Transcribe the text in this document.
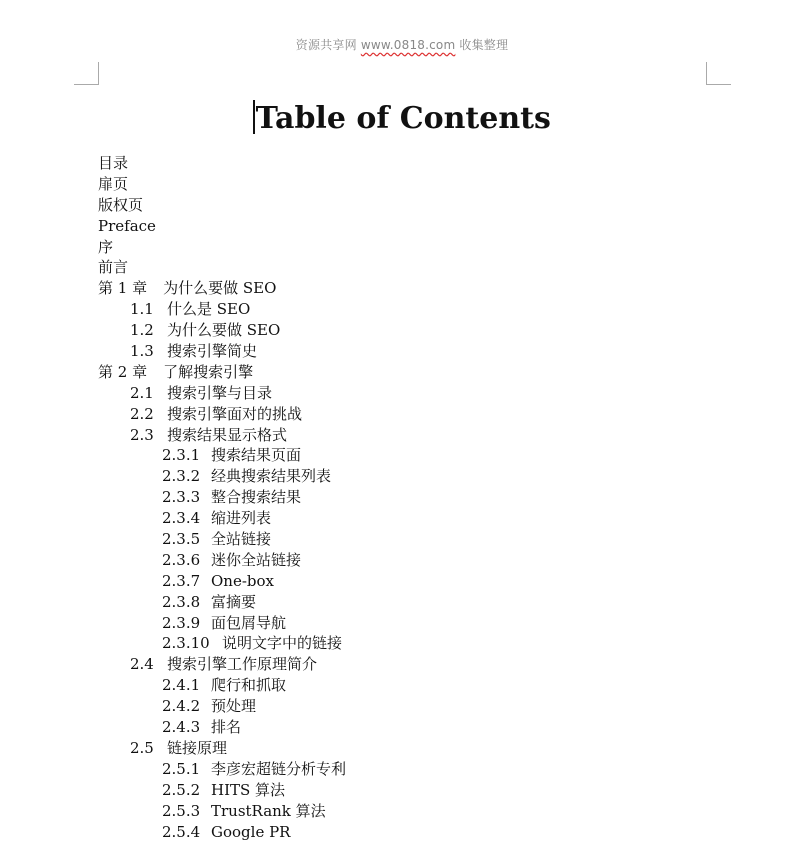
资源共享网 www.0818.com 收集整理
Table of Contents
目录
扉页
版权页
Preface
序
前言
第 1 章 为什么要做 SEO
1.1 什么是 SEO
1.2 为什么要做 SEO
1.3 搜索引擎简史
第 2 章 了解搜索引擎
2.1 搜索引擎与目录
2.2 搜索引擎面对的挑战
2.3 搜索结果显示格式
2.3.1 搜索结果页面
2.3.2 经典搜索结果列表
2.3.3 整合搜索结果
2.3.4 缩进列表
2.3.5 全站链接
2.3.6 迷你全站链接
2.3.7 One-box
2.3.8 富摘要
2.3.9 面包屑导航
2.3.10 说明文字中的链接
2.4 搜索引擎工作原理简介
2.4.1 爬行和抓取
2.4.2 预处理
2.4.3 排名
2.5 链接原理
2.5.1 李彦宏超链分析专利
2.5.2 HITS 算法
2.5.3 TrustRank 算法
2.5.4 Google PR
